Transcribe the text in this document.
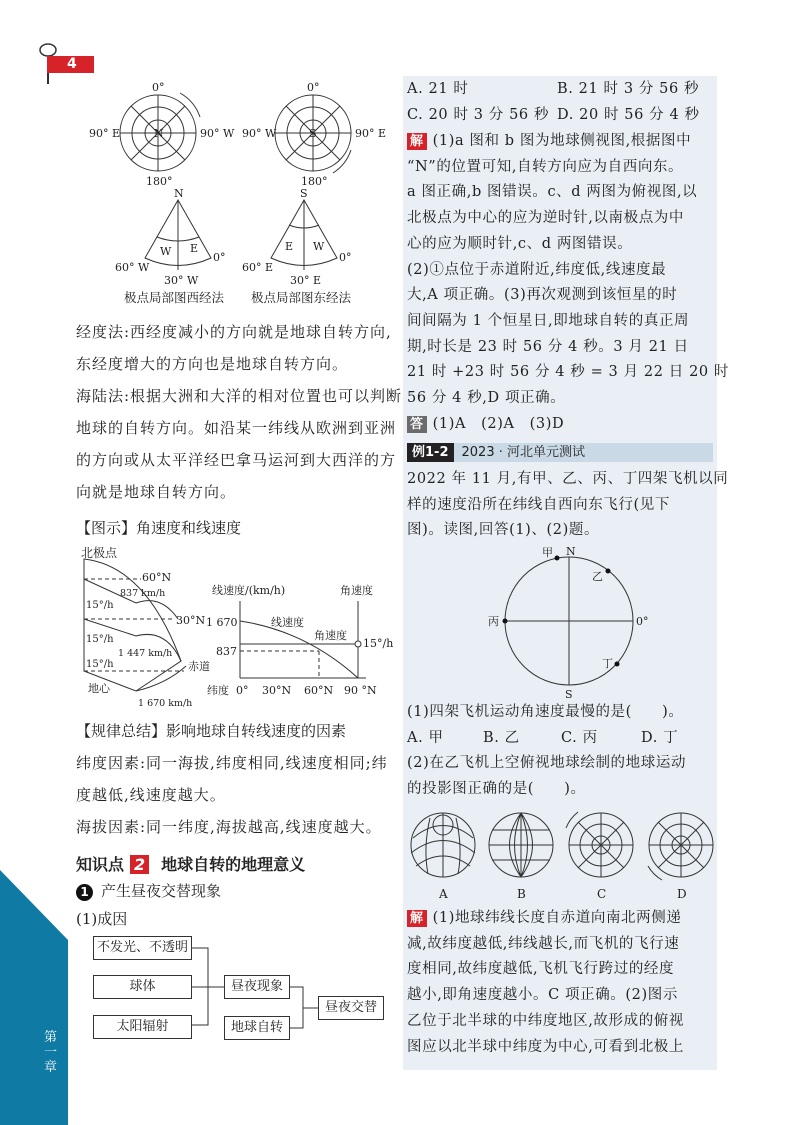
第一章
4
0°
90° E	90° W
180°
N
0°
90° W	90° E
180°
S
N
W E
60° W
30° W
0°
极点局部图西经法
S
E W
60° E
30° E
0°
极点局部图东经法
经度法:西经度减小的方向就是地球自转方向,
东经度增大的方向也是地球自转方向。
海陆法:根据大洲和大洋的相对位置也可以判断
地球的自转方向。如沿某一纬线从欧洲到亚洲
的方向或从太平洋经巴拿马运河到大西洋的方
向就是地球自转方向。
【图示】角速度和线速度
北极点
60°N
30°N
赤道
地心
15°/h
15°/h
15°/h
837 km/h
1 447 km/h
1 670 km/h
线速度/(km/h)	角速度
纬度
1 670
837
0° 30°N 60°N 90 °N
线速度
角速度
15°/h
【规律总结】影响地球自转线速度的因素
纬度因素:同一海拔,纬度相同,线速度相同;纬
度越低,线速度越大。
海拔因素:同一纬度,海拔越高,线速度越大。
知识点 2 地球自转的地理意义
1 产生昼夜交替现象
(1)成因
不发光、不透明
球体
太阳辐射
昼夜现象
地球自转
昼夜交替
A. 21 时	B. 21 时 3 分 56 秒
C. 20 时 3 分 56 秒 D. 20 时 56 分 4 秒
解 (1)a 图和 b 图为地球侧视图,根据图中
“N”的位置可知,自转方向应为自西向东。
a 图正确,b 图错误。c、d 两图为俯视图,以
北极点为中心的应为逆时针,以南极点为中
心的应为顺时针,c、d 两图错误。
(2)①点位于赤道附近,纬度低,线速度最
大,A 项正确。(3)再次观测到该恒星的时
间间隔为 1 个恒星日,即地球自转的真正周
期,时长是 23 时 56 分 4 秒。3 月 21 日
21 时 +23 时 56 分 4 秒 = 3 月 22 日 20 时
56 分 4 秒,D 项正确。
答 (1)A　(2)A　(3)D
例1-2 2023 · 河北单元测试
2022 年 11 月,有甲、乙、丙、丁四架飞机以同
样的速度沿所在纬线自西向东飞行(见下
图)。读图,回答(1)、(2)题。
N
S
甲
乙
丙
丁
0°
(1)四架飞机运动角速度最慢的是(　　)。
A. 甲	B. 乙	C. 丙	D. 丁
(2)在乙飞机上空俯视地球绘制的地球运动
的投影图正确的是(　　)。
A	B	C	D
解 (1)地球纬线长度自赤道向南北两侧递
减,故纬度越低,纬线越长,而飞机的飞行速
度相同,故纬度越低,飞机飞行跨过的经度
越小,即角速度越小。C 项正确。(2)图示
乙位于北半球的中纬度地区,故形成的俯视
图应以北半球中纬度为中心,可看到北极上
